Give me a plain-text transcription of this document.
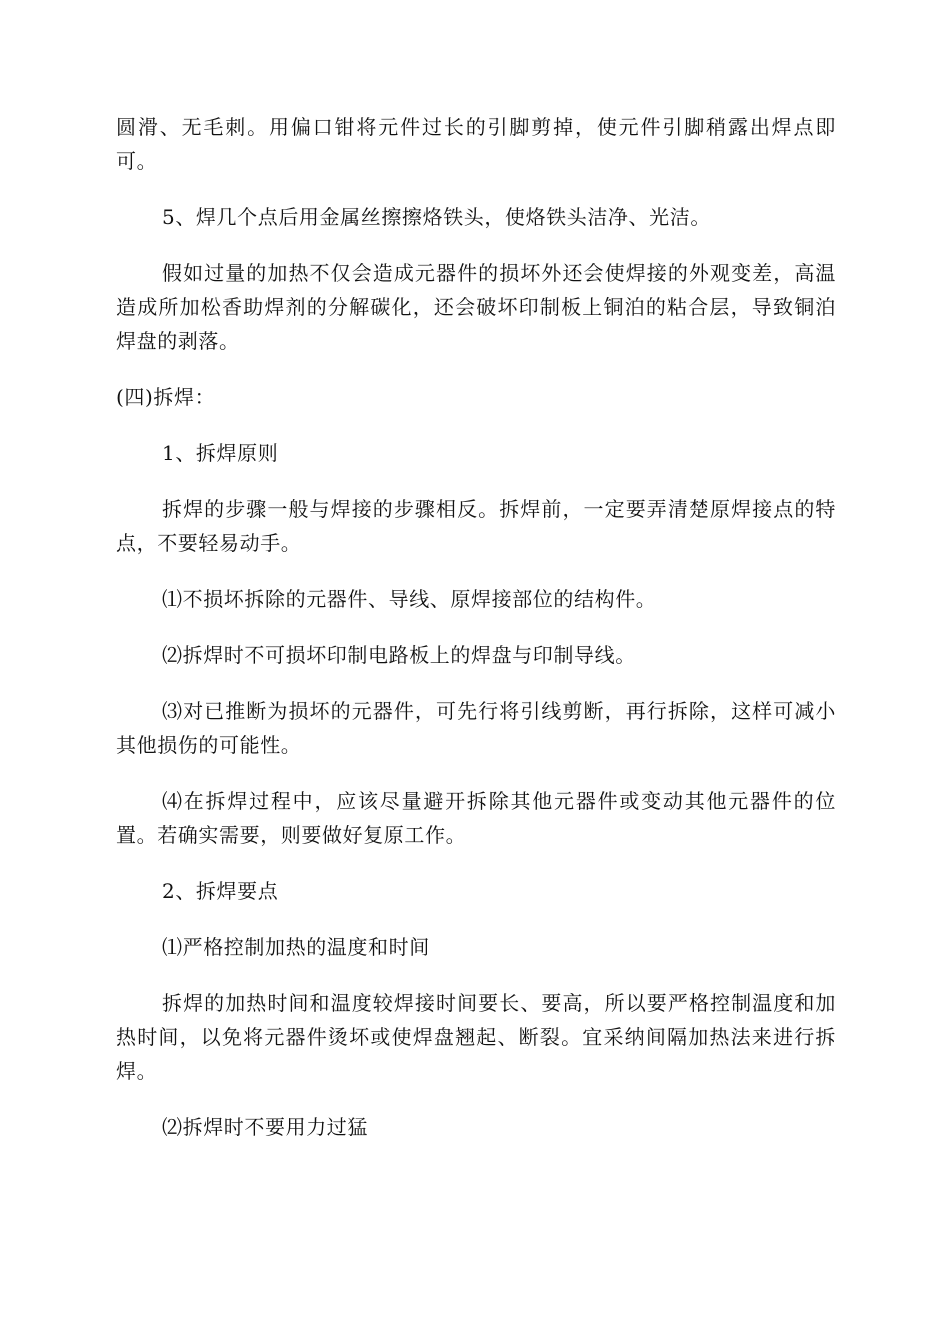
圆滑、无毛刺。用偏口钳将元件过长的引脚剪掉，使元件引脚稍露出焊点即可。

5、焊几个点后用金属丝擦擦烙铁头，使烙铁头洁净、光洁。

假如过量的加热不仅会造成元器件的损坏外还会使焊接的外观变差，高温造成所加松香助焊剂的分解碳化，还会破坏印制板上铜泊的粘合层，导致铜泊焊盘的剥落。

(四)拆焊：

1、拆焊原则

拆焊的步骤一般与焊接的步骤相反。拆焊前，一定要弄清楚原焊接点的特点，不要轻易动手。

⑴不损坏拆除的元器件、导线、原焊接部位的结构件。

⑵拆焊时不可损坏印制电路板上的焊盘与印制导线。

⑶对已推断为损坏的元器件，可先行将引线剪断，再行拆除，这样可减小其他损伤的可能性。

⑷在拆焊过程中，应该尽量避开拆除其他元器件或变动其他元器件的位置。若确实需要，则要做好复原工作。

2、拆焊要点

⑴严格控制加热的温度和时间

拆焊的加热时间和温度较焊接时间要长、要高，所以要严格控制温度和加热时间，以免将元器件烫坏或使焊盘翘起、断裂。宜采纳间隔加热法来进行拆焊。

⑵拆焊时不要用力过猛
